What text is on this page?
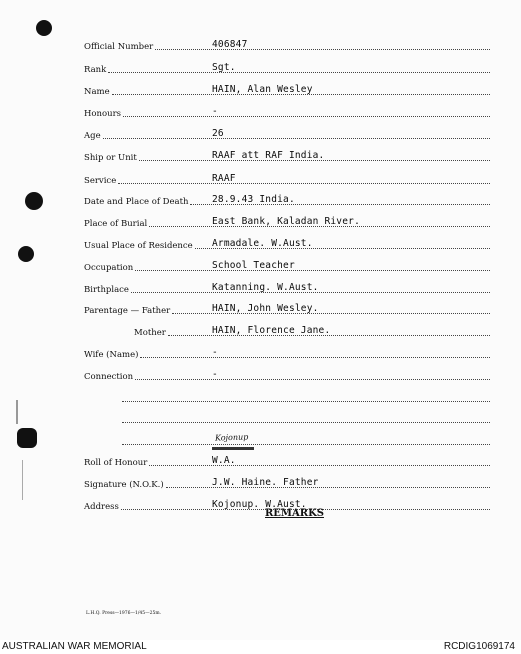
Official Number	406847
Rank	Sgt.
Name	HAIN, Alan Wesley
Honours	-
Age	26
Ship or Unit	RAAF att RAF India.
Service	RAAF
Date and Place of Death 28.9.43 India.
Place of Burial	East Bank, Kaladan River.
Usual Place of Residence Armadale. W.Aust.
Occupation	School Teacher
Birthplace	Katanning. W.Aust.
Parentage — Father	HAIN, John Wesley.
Mother	HAIN, Florence Jane.
Wife (Name)	-
Connection	-
Roll of Honour	W.A.
Signature (N.O.K.)	J.W. Haine. Father
Address	Kojonup. W.Aust.
Kojonup
REMARKS
L.H.Q. Press—1976—1/45—25m.
AUSTRALIAN WAR MEMORIAL	RCDIG1069174
